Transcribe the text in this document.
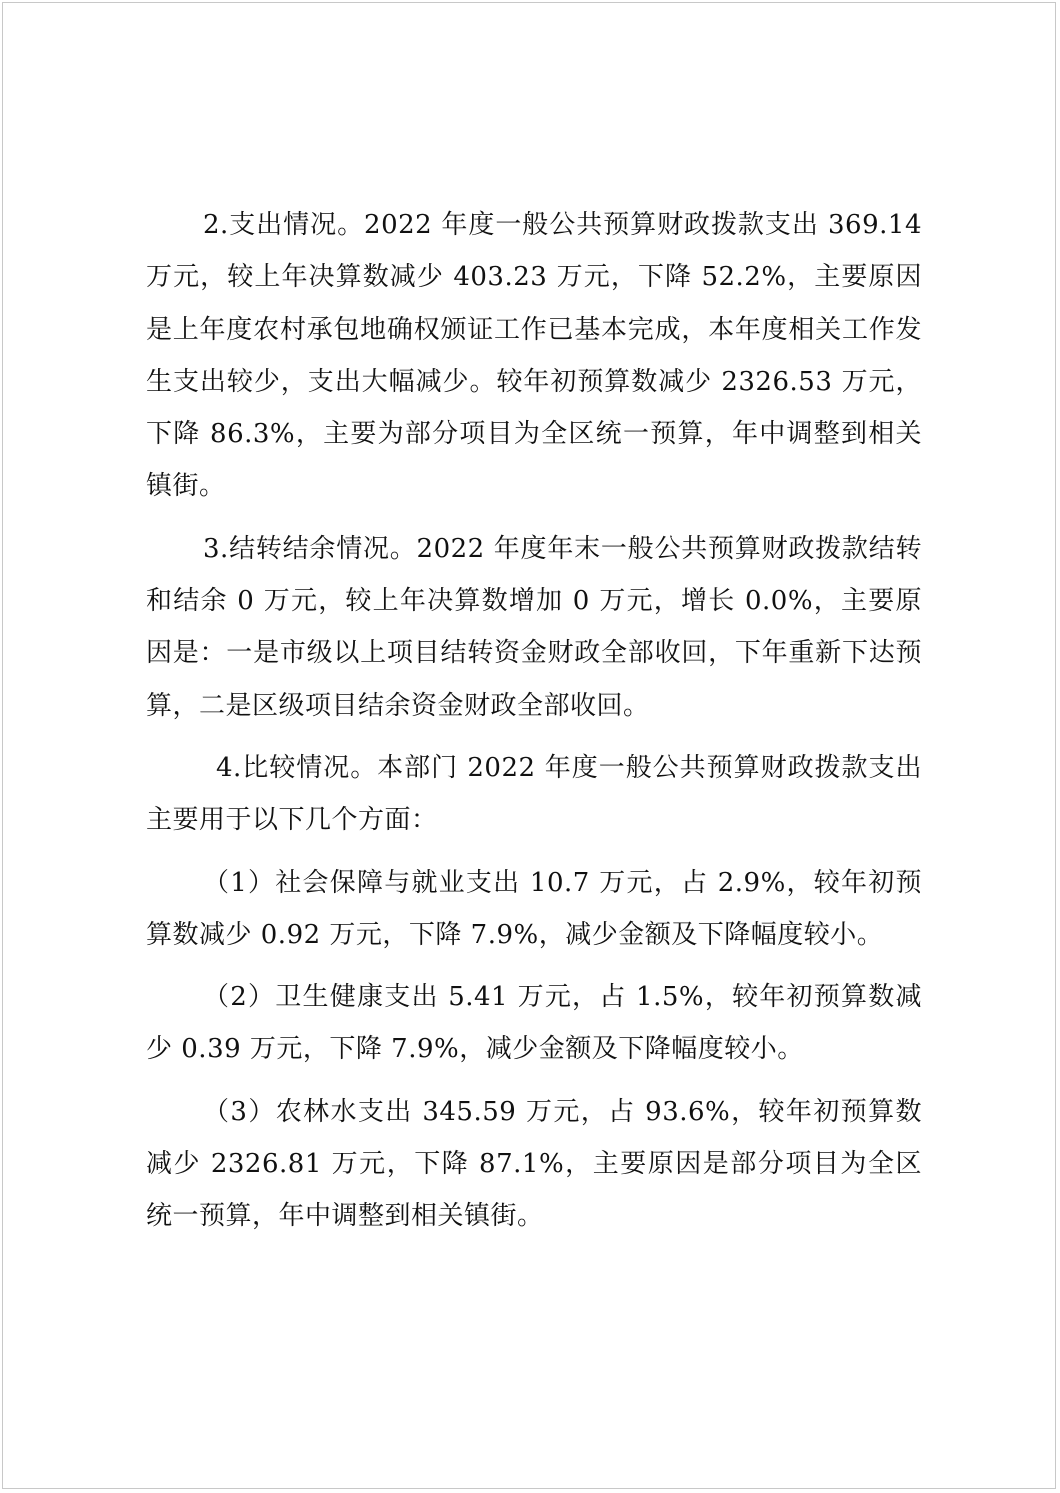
2.支出情况。2022 年度一般公共预算财政拨款支出 369.14 万元，较上年决算数减少 403.23 万元，下降 52.2%，主要原因是上年度农村承包地确权颁证工作已基本完成，本年度相关工作发生支出较少，支出大幅减少。较年初预算数减少 2326.53 万元，下降 86.3%，主要为部分项目为全区统一预算，年中调整到相关镇街。

3.结转结余情况。2022 年度年末一般公共预算财政拨款结转和结余 0 万元，较上年决算数增加 0 万元，增长 0.0%，主要原因是：一是市级以上项目结转资金财政全部收回，下年重新下达预算，二是区级项目结余资金财政全部收回。

4.比较情况。本部门 2022 年度一般公共预算财政拨款支出主要用于以下几个方面：

（1）社会保障与就业支出 10.7 万元，占 2.9%，较年初预算数减少 0.92 万元，下降 7.9%，减少金额及下降幅度较小。

（2）卫生健康支出 5.41 万元，占 1.5%，较年初预算数减少 0.39 万元，下降 7.9%，减少金额及下降幅度较小。

（3）农林水支出 345.59 万元，占 93.6%，较年初预算数减少 2326.81 万元，下降 87.1%，主要原因是部分项目为全区统一预算，年中调整到相关镇街。
